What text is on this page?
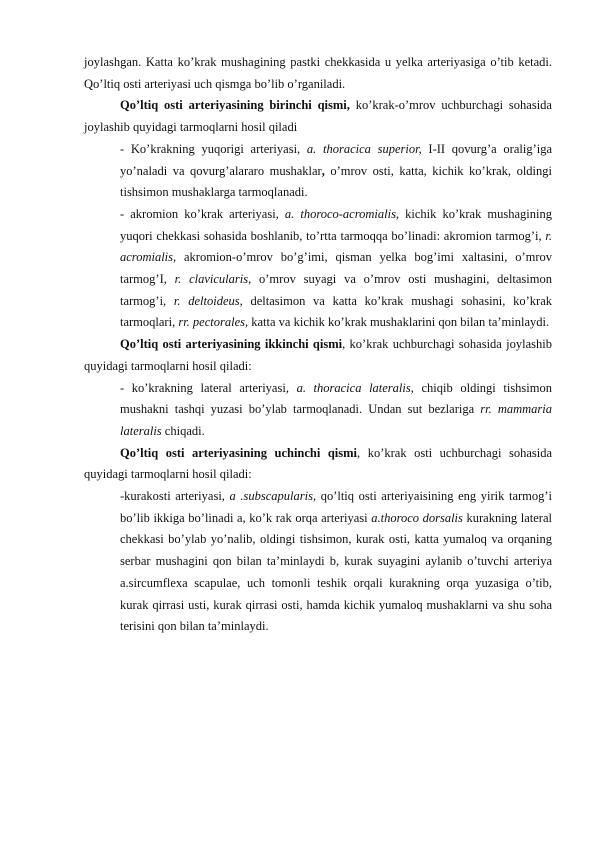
joylashgan. Katta ko’krak mushagining pastki chekkasida u yelka arteriyasiga o’tib ketadi. Qo’ltiq osti arteriyasi uch qismga bo’lib o’rganiladi.

Qo’ltiq osti arteriyasining birinchi qismi, ko’krak-o’mrov uchburchagi sohasida joylashib quyidagi tarmoqlarni hosil qiladi

- Ko’krakning yuqorigi arteriyasi, a. thoracica superior, I-II qovurg’a oralig’iga yo’naladi va qovurg’alararo mushaklar, o’mrov osti, katta, kichik ko’krak, oldingi tishsimon mushaklarga tarmoqlanadi.

- akromion ko’krak arteriyasi, a. thoroco-acromialis, kichik ko’krak mushagining yuqori chekkasi sohasida boshlanib, to’rtta tarmoqqa bo’linadi: akromion tarmog’i, r. acromialis, akromion-o’mrov bo’g’imi, qisman yelka bog’imi xaltasini, o’mrov tarmog’I, r. clavicularis, o’mrov suyagi va o’mrov osti mushagini, deltasimon tarmog’i, r. deltoideus, deltasimon va katta ko’krak mushagi sohasini, ko’krak tarmoqlari, rr. pectorales, katta va kichik ko’krak mushaklarini qon bilan ta’minlaydi.

Qo’ltiq osti arteriyasining ikkinchi qismi, ko’krak uchburchagi sohasida joylashib quyidagi tarmoqlarni hosil qiladi:

- ko’krakning lateral arteriyasi, a. thoracica lateralis, chiqib oldingi tishsimon mushakni tashqi yuzasi bo’ylab tarmoqlanadi. Undan sut bezlariga rr. mammaria lateralis chiqadi.

Qo’ltiq osti arteriyasining uchinchi qismi, ko’krak osti uchburchagi sohasida quyidagi tarmoqlarni hosil qiladi:

-kurakosti arteriyasi, a .subscapularis, qo’ltiq osti arteriyaisining eng yirik tarmog’i bo’lib ikkiga bo’linadi a, ko’k rak orqa arteriyasi a.thoroco dorsalis kurakning lateral chekkasi bo’ylab yo’nalib, oldingi tishsimon, kurak osti, katta yumaloq va orqaning serbar mushagini qon bilan ta’minlaydi b, kurak suyagini aylanib o’tuvchi arteriya a.sircumflexa scapulae, uch tomonli teshik orqali kurakning orqa yuzasiga o’tib, kurak qirrasi usti, kurak qirrasi osti, hamda kichik yumaloq mushaklarni va shu soha terisini qon bilan ta’minlaydi.
